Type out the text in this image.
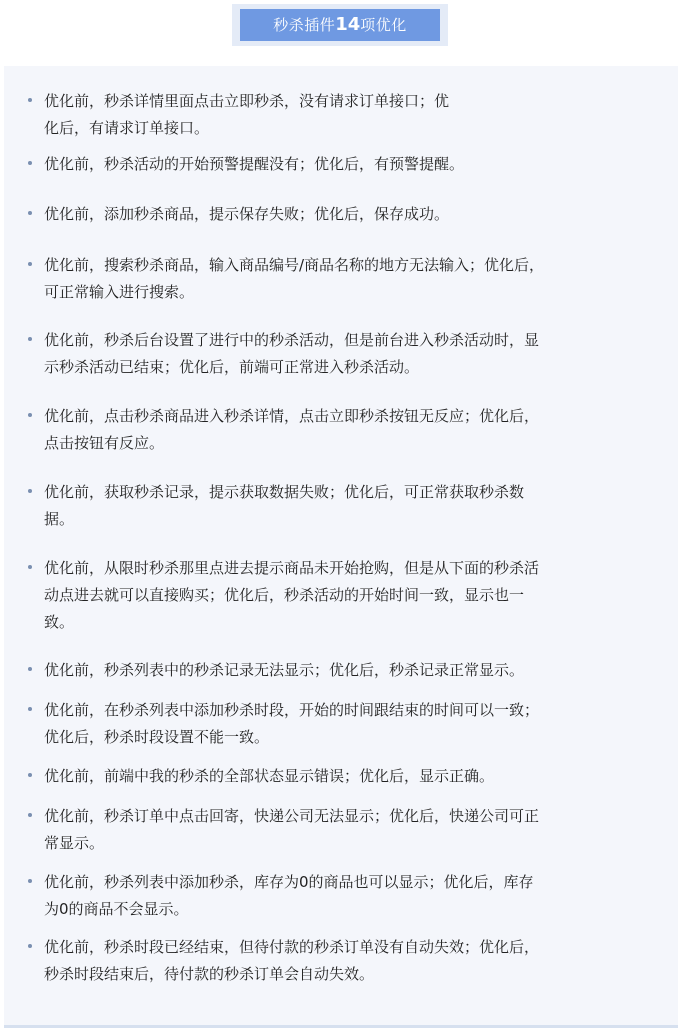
秒杀插件14项优化
优化前，秒杀详情里面点击立即秒杀，没有请求订单接口；优
化后，有请求订单接口。
优化前，秒杀活动的开始预警提醒没有；优化后，有预警提醒。
优化前，添加秒杀商品，提示保存失败；优化后，保存成功。
优化前，搜索秒杀商品，输入商品编号/商品名称的地方无法输入；优化后，
可正常输入进行搜索。
优化前，秒杀后台设置了进行中的秒杀活动，但是前台进入秒杀活动时，显
示秒杀活动已结束；优化后，前端可正常进入秒杀活动。
优化前，点击秒杀商品进入秒杀详情，点击立即秒杀按钮无反应；优化后，
点击按钮有反应。
优化前，获取秒杀记录，提示获取数据失败；优化后，可正常获取秒杀数
据。
优化前，从限时秒杀那里点进去提示商品未开始抢购，但是从下面的秒杀活
动点进去就可以直接购买；优化后，秒杀活动的开始时间一致，显示也一
致。
优化前，秒杀列表中的秒杀记录无法显示；优化后，秒杀记录正常显示。
优化前，在秒杀列表中添加秒杀时段，开始的时间跟结束的时间可以一致；
优化后，秒杀时段设置不能一致。
优化前，前端中我的秒杀的全部状态显示错误；优化后，显示正确。
优化前，秒杀订单中点击回寄，快递公司无法显示；优化后，快递公司可正
常显示。
优化前，秒杀列表中添加秒杀，库存为0的商品也可以显示；优化后，库存
为0的商品不会显示。
优化前，秒杀时段已经结束，但待付款的秒杀订单没有自动失效；优化后，
秒杀时段结束后，待付款的秒杀订单会自动失效。
